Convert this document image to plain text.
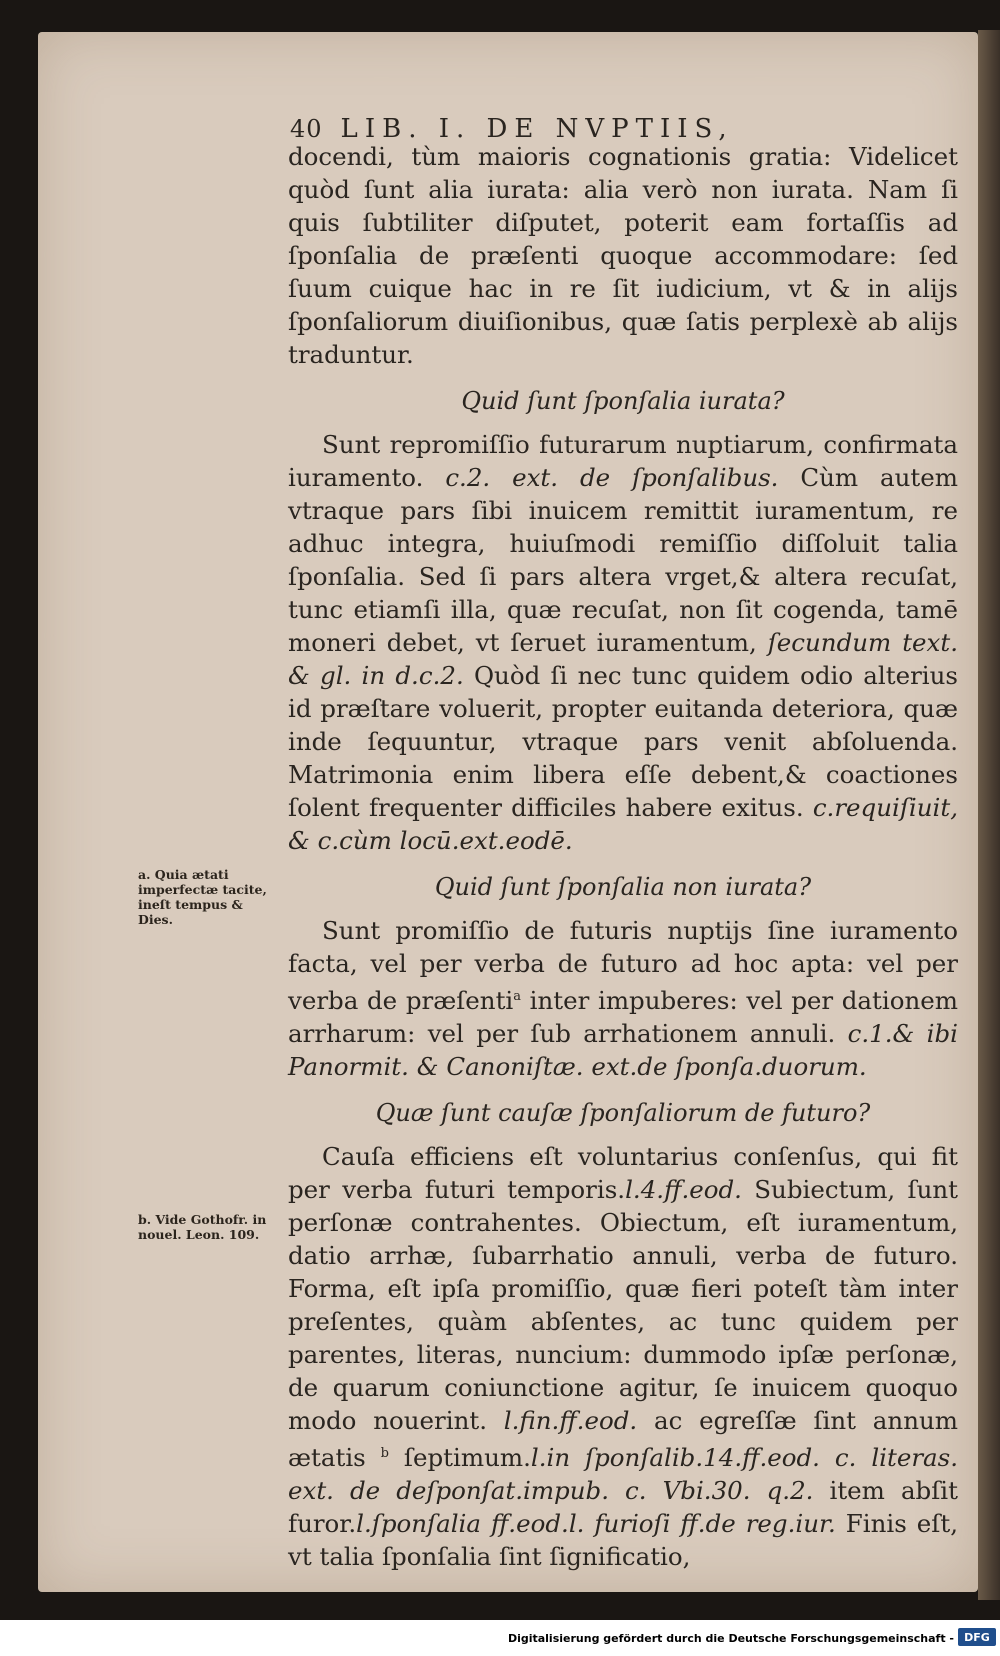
40 LIB. I. DE NVPTIIS,

docendi, tùm maioris cognationis gratia: Videlicet quòd ſunt alia iurata: alia verò non iurata. Nam ſi quis ſubtiliter diſputet, poterit eam fortaſſis ad ſponſalia de præſenti quoque accommodare: ſed ſuum cuique hac in re ſit iudicium, vt & in alijs ſponſaliorum diuiſionibus, quæ ſatis perplexè ab alijs traduntur.

Quid ſunt ſponſalia iurata?

Sunt repromiſſio futurarum nuptiarum, confirmata iuramento. c.2. ext. de ſponſalibus. Cùm autem vtraque pars ſibi inuicem remittit iuramentum, re adhuc integra, huiuſmodi remiſſio diſſoluit talia ſponſalia. Sed ſi pars altera vrget,& altera recuſat, tunc etiamſi illa, quæ recuſat, non ſit cogenda, tamē moneri debet, vt ſeruet iuramentum, ſecundum text. & gl. in d.c.2. Quòd ſi nec tunc quidem odio alterius id præſtare voluerit, propter euitanda deteriora, quæ inde ſequuntur, vtraque pars venit abſoluenda. Matrimonia enim libera eſſe debent,& coactiones ſolent frequenter difficiles habere exitus. c.requiſiuit, & c.cùm locū.ext.eodē.

Quid ſunt ſponſalia non iurata?

Sunt promiſſio de futuris nuptijs ſine iuramento facta, vel per verba de futuro ad hoc apta: vel per verba de præſenti$^a$ inter impuberes: vel per dationem arrharum: vel per ſub arrhationem annuli. c.1.& ibi Panormit. & Canoniſtæ. ext.de ſponſa.duorum.

Quæ ſunt cauſæ ſponſaliorum de futuro?

Cauſa efficiens eſt voluntarius conſenſus, qui fit per verba futuri temporis.l.4.ff.eod. Subiectum, ſunt perſonæ contrahentes. Obiectum, eſt iuramentum, datio arrhæ, ſubarrhatio annuli, verba de futuro. Forma, eſt ipſa promiſſio, quæ fieri poteſt tàm inter preſentes, quàm abſentes, ac tunc quidem per parentes, literas, nuncium: dummodo ipſæ perſonæ, de quarum coniunctione agitur, ſe inuicem quoquo modo nouerint. l.fin.ff.eod. ac egreſſæ ſint annum ætatis $^b$ ſeptimum.l.in ſponſalib.14.ff.eod. c. literas. ext. de deſponſat.impub. c. Vbi.30. q.2. item abſit furor.l.ſponſalia ff.eod.l. furioſi ff.de reg.iur. Finis eſt, vt talia ſponſalia ſint ſignificatio,

a. Quia ætati imperfectæ tacite, ineſt tempus & Dies.
b. Vide Gothofr. in nouel. Leon. 109.
Digitalisierung gefördert durch die Deutsche Forschungsgemeinschaft - DFG
